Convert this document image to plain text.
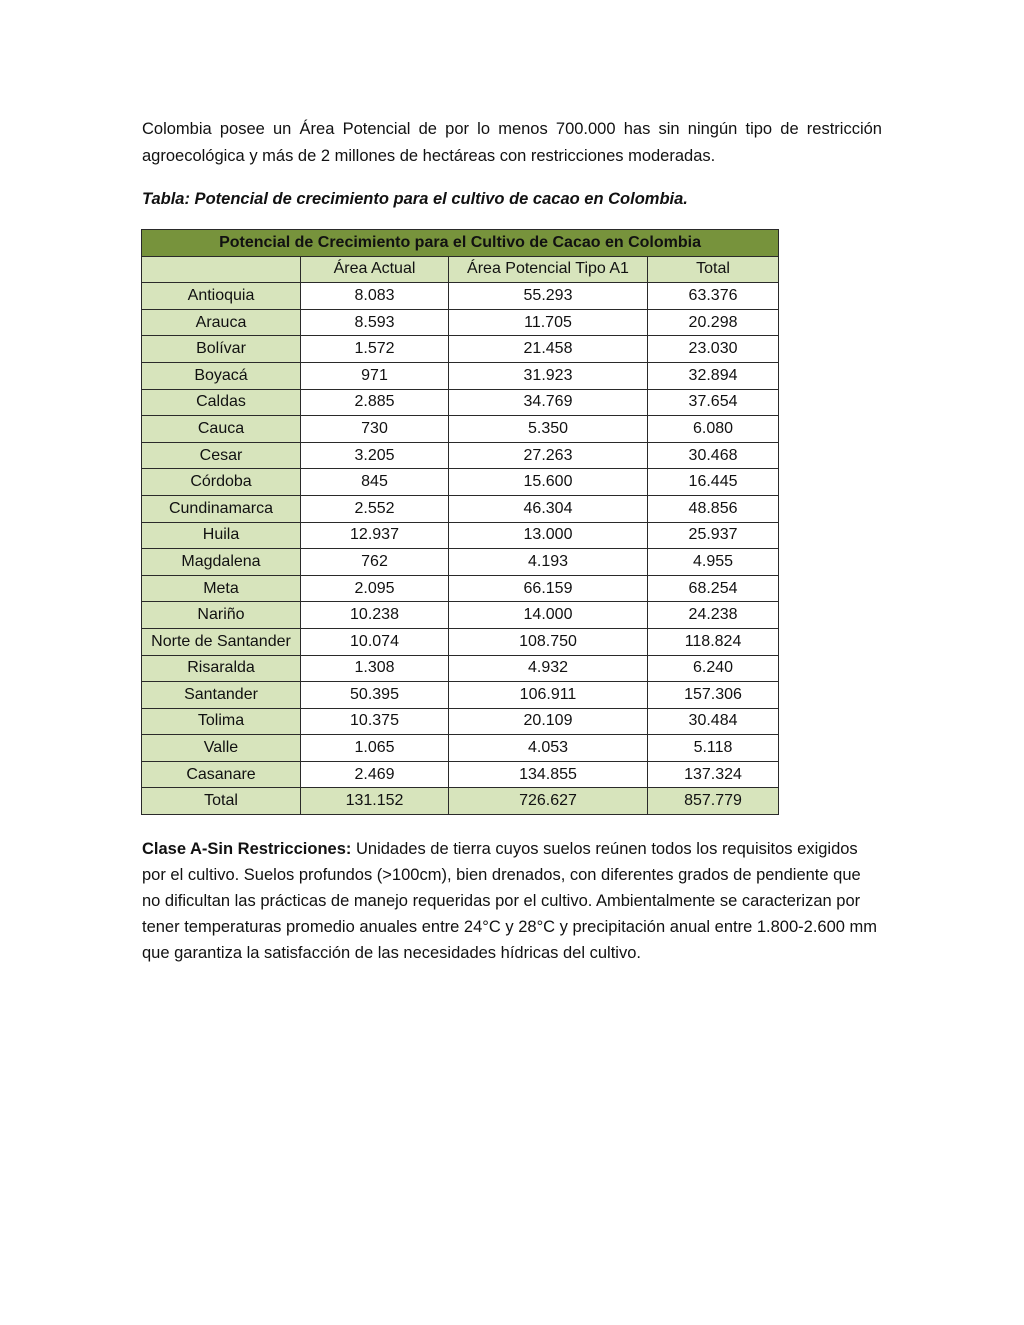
Colombia posee un Área Potencial de por lo menos 700.000 has sin ningún tipo de restricción agroecológica y más de 2 millones de hectáreas con restricciones moderadas.

Tabla: Potencial de crecimiento para el cultivo de cacao en Colombia.

Potencial de Crecimiento para el Cultivo de Cacao en Colombia			
	Área Actual	Área Potencial Tipo A1	Total
Antioquia	8.083	55.293	63.376
Arauca	8.593	11.705	20.298
Bolívar	1.572	21.458	23.030
Boyacá	971	31.923	32.894
Caldas	2.885	34.769	37.654
Cauca	730	5.350	6.080
Cesar	3.205	27.263	30.468
Córdoba	845	15.600	16.445
Cundinamarca	2.552	46.304	48.856
Huila	12.937	13.000	25.937
Magdalena	762	4.193	4.955
Meta	2.095	66.159	68.254
Nariño	10.238	14.000	24.238
Norte de Santander	10.074	108.750	118.824
Risaralda	1.308	4.932	6.240
Santander	50.395	106.911	157.306
Tolima	10.375	20.109	30.484
Valle	1.065	4.053	5.118
Casanare	2.469	134.855	137.324
Total	131.152	726.627	857.779

Clase A-Sin Restricciones: Unidades de tierra cuyos suelos reúnen todos los requisitos exigidos por el cultivo. Suelos profundos (>100cm), bien drenados, con diferentes grados de pendiente que no dificultan las prácticas de manejo requeridas por el cultivo. Ambientalmente se caracterizan por tener temperaturas promedio anuales entre 24°C y 28°C y precipitación anual entre 1.800-2.600 mm que garantiza la satisfacción de las necesidades hídricas del cultivo.
